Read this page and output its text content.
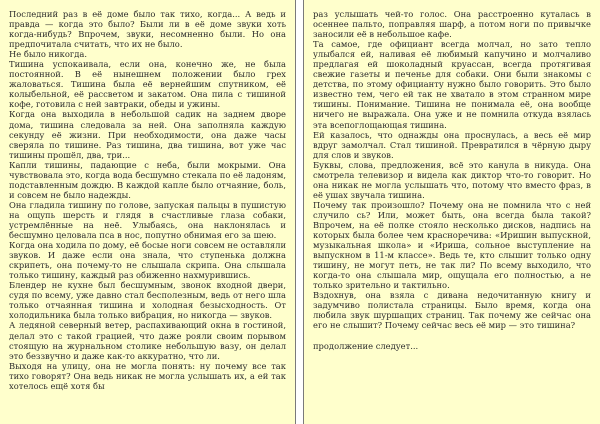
Последний раз в её доме было так тихо, когда... А ведь и правда — когда это было? Были ли в её доме звуки хоть когда-нибудь? Впрочем, звуки, несомненно были. Но она предпочитала считать, что их не было.

Не было никогда.

Тишина успокаивала, если она, конечно же, не была постоянной. В её нынешнем положении было грех жаловаться. Тишина была её вернейшим спутником, её колыбельной, её рассветом и закатом. Она пила с тишиной кофе, готовила с ней завтраки, обеды и ужины.

Когда она выходила в небольшой садик на заднем дворе дома, тишина следовала за ней. Она заполняла каждую секунду её жизни. При необходимости, она даже часы сверяла по тишине. Раз тишина, два тишина, вот уже час тишины прошёл, два, три...

Капли тишины, падающие с неба, были мокрыми. Она чувствовала это, когда вода бесшумно стекала по её ладоням, подставленным дождю. В каждой капле было отчаяние, боль, и совсем не было надежды.

Она гладила тишину по голове, запуская пальцы в пушистую на ощупь шерсть и глядя в счастливые глаза собаки, устремлённые на неё. Улыбаясь, она наклонялась и бесшумно целовала пса в нос, попутно обнимая его за шею.

Когда она ходила по дому, её босые ноги совсем не оставляли звуков. И даже если она знала, что ступенька должна скрипеть, она почему-то не слышала скрипа. Она слышала только тишину, каждый раз обиженно нахмурившись.

Блендер не кухне был бесшумным, звонок входной двери, судя по всему, уже давно стал бесполезным, ведь от него шла только отчаянная тишина и холодная безысходность. От холодильника была только вибрация, но никогда — звуков.

А ледяной северный ветер, распахивающий окна в гостиной, делал это с такой грацией, что даже рояли своим порывом стоящую на журнальном столике небольшую вазу, он делал это беззвучно и даже как-то аккуратно, что ли.

Выходя на улицу, она не могла понять: ну почему все так тихо говорят? Она ведь никак не могла услышать их, а ей так хотелось ещё хотя бы

раз услышать чей-то голос. Она расстроенно куталась в осеннее пальто, поправляя шарф, а потом ноги по привычке заносили её в небольшое кафе.

Та самое, где официант всегда молчал, но зато тепло улыбался ей, наливая её любимый капучино и молчаливо предлагая ей шоколадный круассан, всегда протягивая свежие газеты и печенье для собаки. Они были знакомы с детства, по этому официанту нужно было говорить. Это было известно тем, чего ей так не хватало в этом странном мире тишины. Понимание. Тишина не понимала её, она вообще ничего не выражала. Она уже и не помнила откуда взялась эта всепоглощающая тишина.

Ей казалось, что однажды она проснулась, а весь её мир вдруг замолчал. Стал тишиной. Превратился в чёрную дыру для слов и звуков.

Буквы, слова, предложения, всё это канула в никуда. Она смотрела телевизор и видела как диктор что-то говорит. Но она никак не могла услышать что, потому что вместо фраз, в её ушах звучала тишина.

Почему так произошло? Почему она не помнила что с ней случило сь? Или, может быть, она всегда была такой? Впрочем, на её полке стояло несколько дисков, надпись на которых была более чем красноречива: «Иришин выпускной, музыкальная школа» и «Ириша, сольное выступление на выпускном в 11-м классе». Ведь те, кто слышит только одну тишину, не могут петь, не так ли? По всему выходило, что когда-то она слышала мир, ощущала его полностью, а не только зрительно и тактильно.

Вздохнув, она взяла с дивана недочитанную книгу и задумчиво полистала страницы. Было время, когда она любила звук шуршащих страниц. Так почему же сейчас она его не слышит? Почему сейчас весь её мир — это тишина?

продолжение следует...
